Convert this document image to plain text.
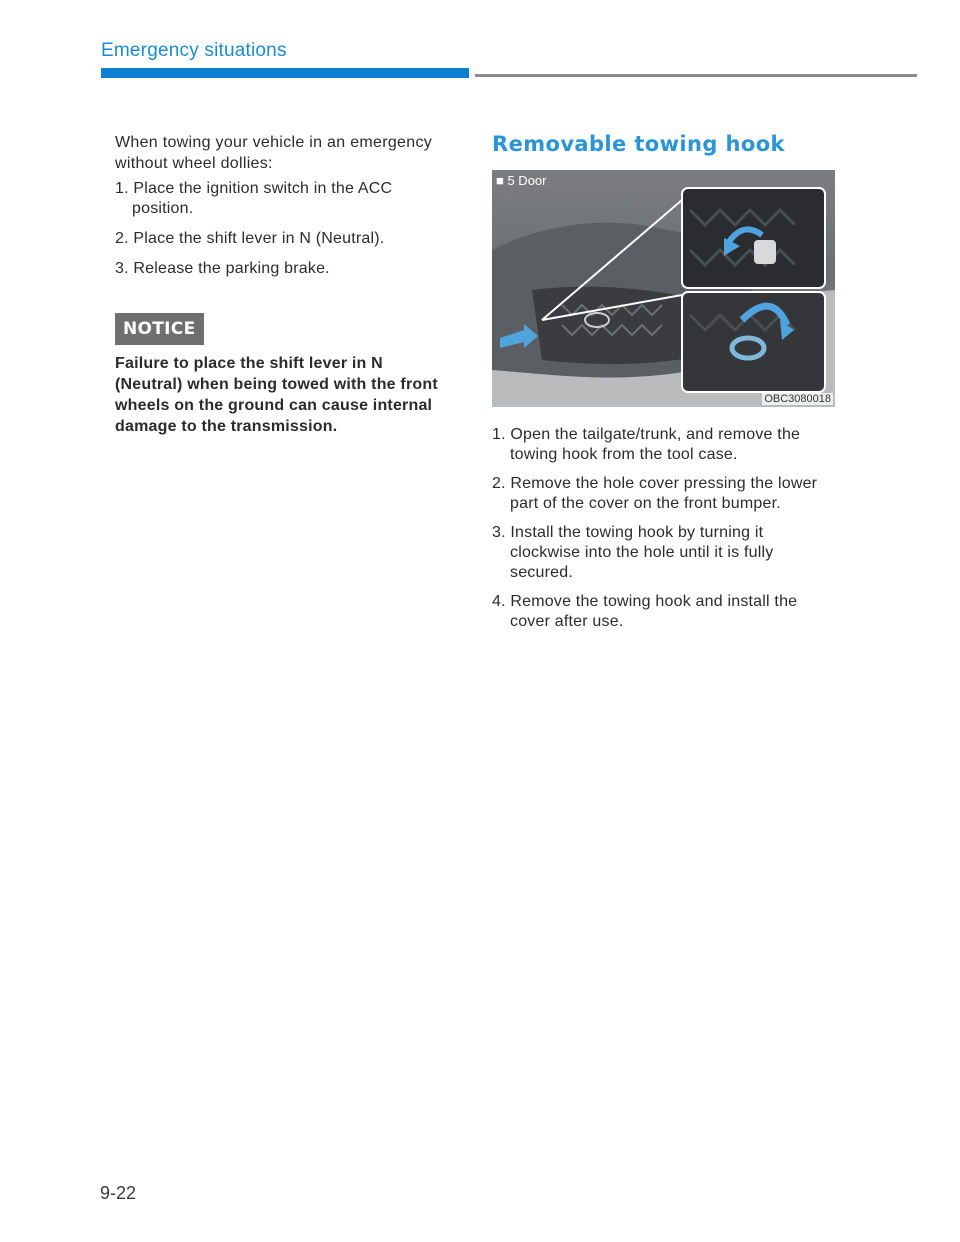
Emergency situations

When towing your vehicle in an emergency without wheel dollies:

1. Place the ignition switch in the ACC position.
2. Place the shift lever in N (Neutral).
3. Release the parking brake.
NOTICE
Failure to place the shift lever in N (Neutral) when being towed with the front wheels on the ground can cause internal damage to the transmission.
Removable towing hook
■ 5 Door
OBC3080018
1. Open the tailgate/trunk, and remove the towing hook from the tool case.
2. Remove the hole cover pressing the lower part of the cover on the front bumper.
3. Install the towing hook by turning it clockwise into the hole until it is fully secured.
4. Remove the towing hook and install the cover after use.
9-22
